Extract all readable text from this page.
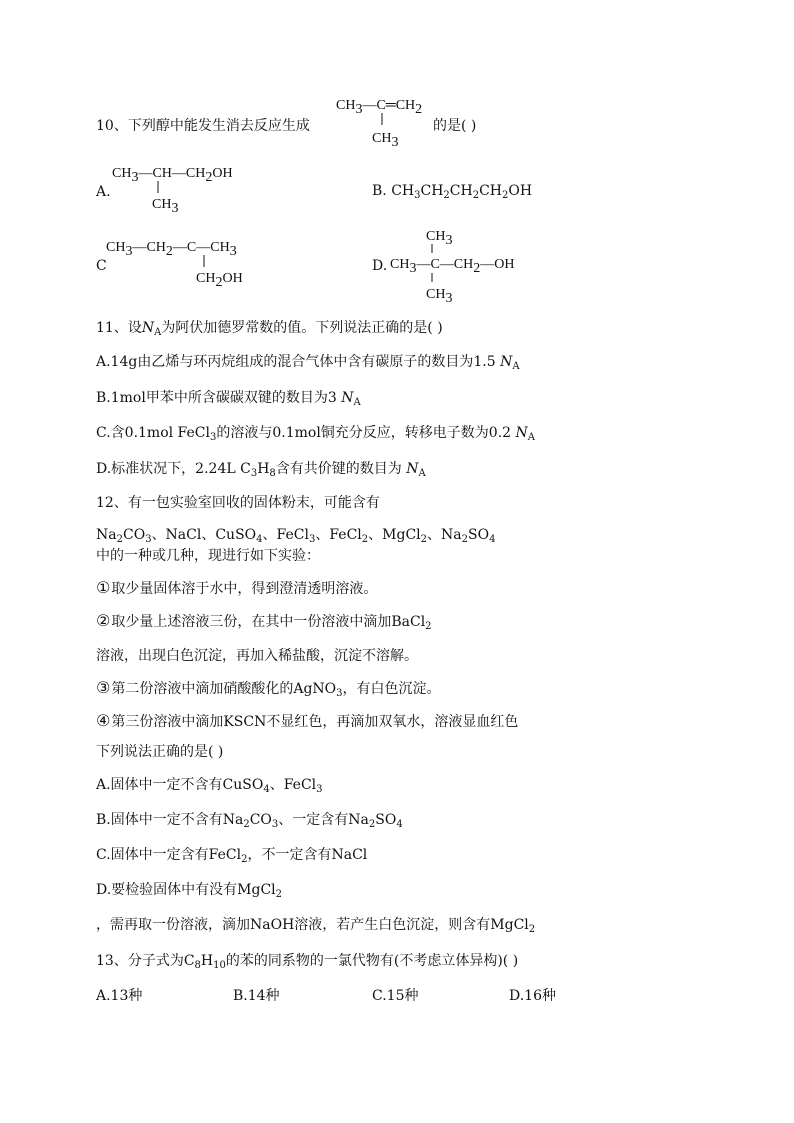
10、下列醇中能发生消去反应生成
CH3—C═CH2
CH3
的是( )
A.
CH3—CH—CH2OH
CH3
B. $CH_3CH_2CH_2CH_2OH$
C
CH3—CH2—C—CH3
CH2OH
D.
CH3
CH3—C—CH2—OH
CH3
11、设$N_A$为阿伏加德罗常数的值。下列说法正确的是( )
A.14g由乙烯与环丙烷组成的混合气体中含有碳原子的数目为1.5 $N_A$
B.1mol甲苯中所含碳碳双键的数目为3 $N_A$
C.含0.1mol FeCl$_3$的溶液与0.1mol铜充分反应，转移电子数为0.2 $N_A$
D.标准状况下，2.24L $C_3H_8$含有共价键的数目为 $N_A$
12、有一包实验室回收的固体粉末，可能含有
$Na_2CO_3$、NaCl、CuSO$_4$、FeCl$_3$、FeCl$_2$、MgCl$_2$、$Na_2SO_4$
中的一种或几种，现进行如下实验：
①取少量固体溶于水中，得到澄清透明溶液。
②取少量上述溶液三份，在其中一份溶液中滴加BaCl$_2$
溶液，出现白色沉淀，再加入稀盐酸，沉淀不溶解。
③第二份溶液中滴加硝酸酸化的AgNO$_3$，有白色沉淀。
④第三份溶液中滴加KSCN不显红色，再滴加双氧水，溶液显血红色
下列说法正确的是( )
A.固体中一定不含有CuSO$_4$、FeCl$_3$
B.固体中一定不含有$Na_2CO_3$、一定含有$Na_2SO_4$
C.固体中一定含有FeCl$_2$，不一定含有NaCl
D.要检验固体中有没有MgCl$_2$
，需再取一份溶液，滴加NaOH溶液，若产生白色沉淀，则含有MgCl$_2$
13、分子式为$C_8H_{10}$的苯的同系物的一氯代物有(不考虑立体异构)( )
A.13种	B.14种	C.15种	D.16种
